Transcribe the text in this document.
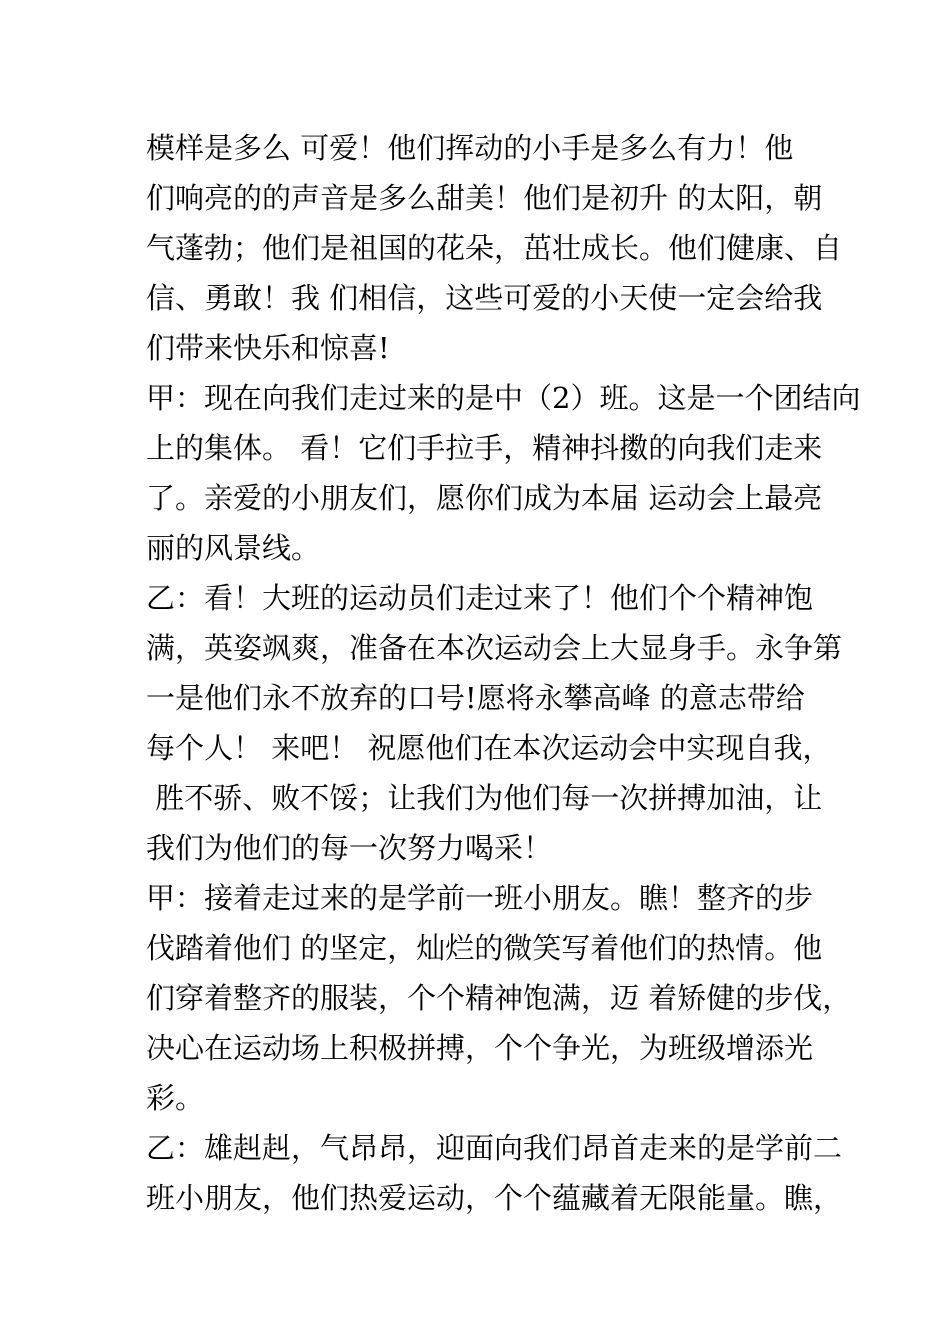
模样是多么 可爱！他们挥动的小手是多么有力！他
们响亮的的声音是多么甜美！他们是初升 的太阳，朝
气蓬勃；他们是祖国的花朵，茁壮成长。他们健康、自
信、勇敢！我 们相信，这些可爱的小天使一定会给我
们带来快乐和惊喜!
甲：现在向我们走过来的是中（2）班。这是一个团结向
上的集体。 看！它们手拉手，精神抖擞的向我们走来
了。亲爱的小朋友们，愿你们成为本届 运动会上最亮
丽的风景线。
乙：看！大班的运动员们走过来了！他们个个精神饱
满，英姿飒爽，准备在本次运动会上大显身手。永争第
一是他们永不放弃的口号!愿将永攀高峰 的意志带给
每个人！ 来吧！ 祝愿他们在本次运动会中实现自我，
胜不骄、败不馁；让我们为他们每一次拼搏加油，让
我们为他们的每一次努力喝采！
甲：接着走过来的是学前一班小朋友。瞧！整齐的步
伐踏着他们 的坚定，灿烂的微笑写着他们的热情。他
们穿着整齐的服装，个个精神饱满，迈 着矫健的步伐，
决心在运动场上积极拼搏，个个争光，为班级增添光
彩。
乙：雄赳赳，气昂昂，迎面向我们昂首走来的是学前二
班小朋友，他们热爱运动，个个蕴藏着无限能量。瞧，
